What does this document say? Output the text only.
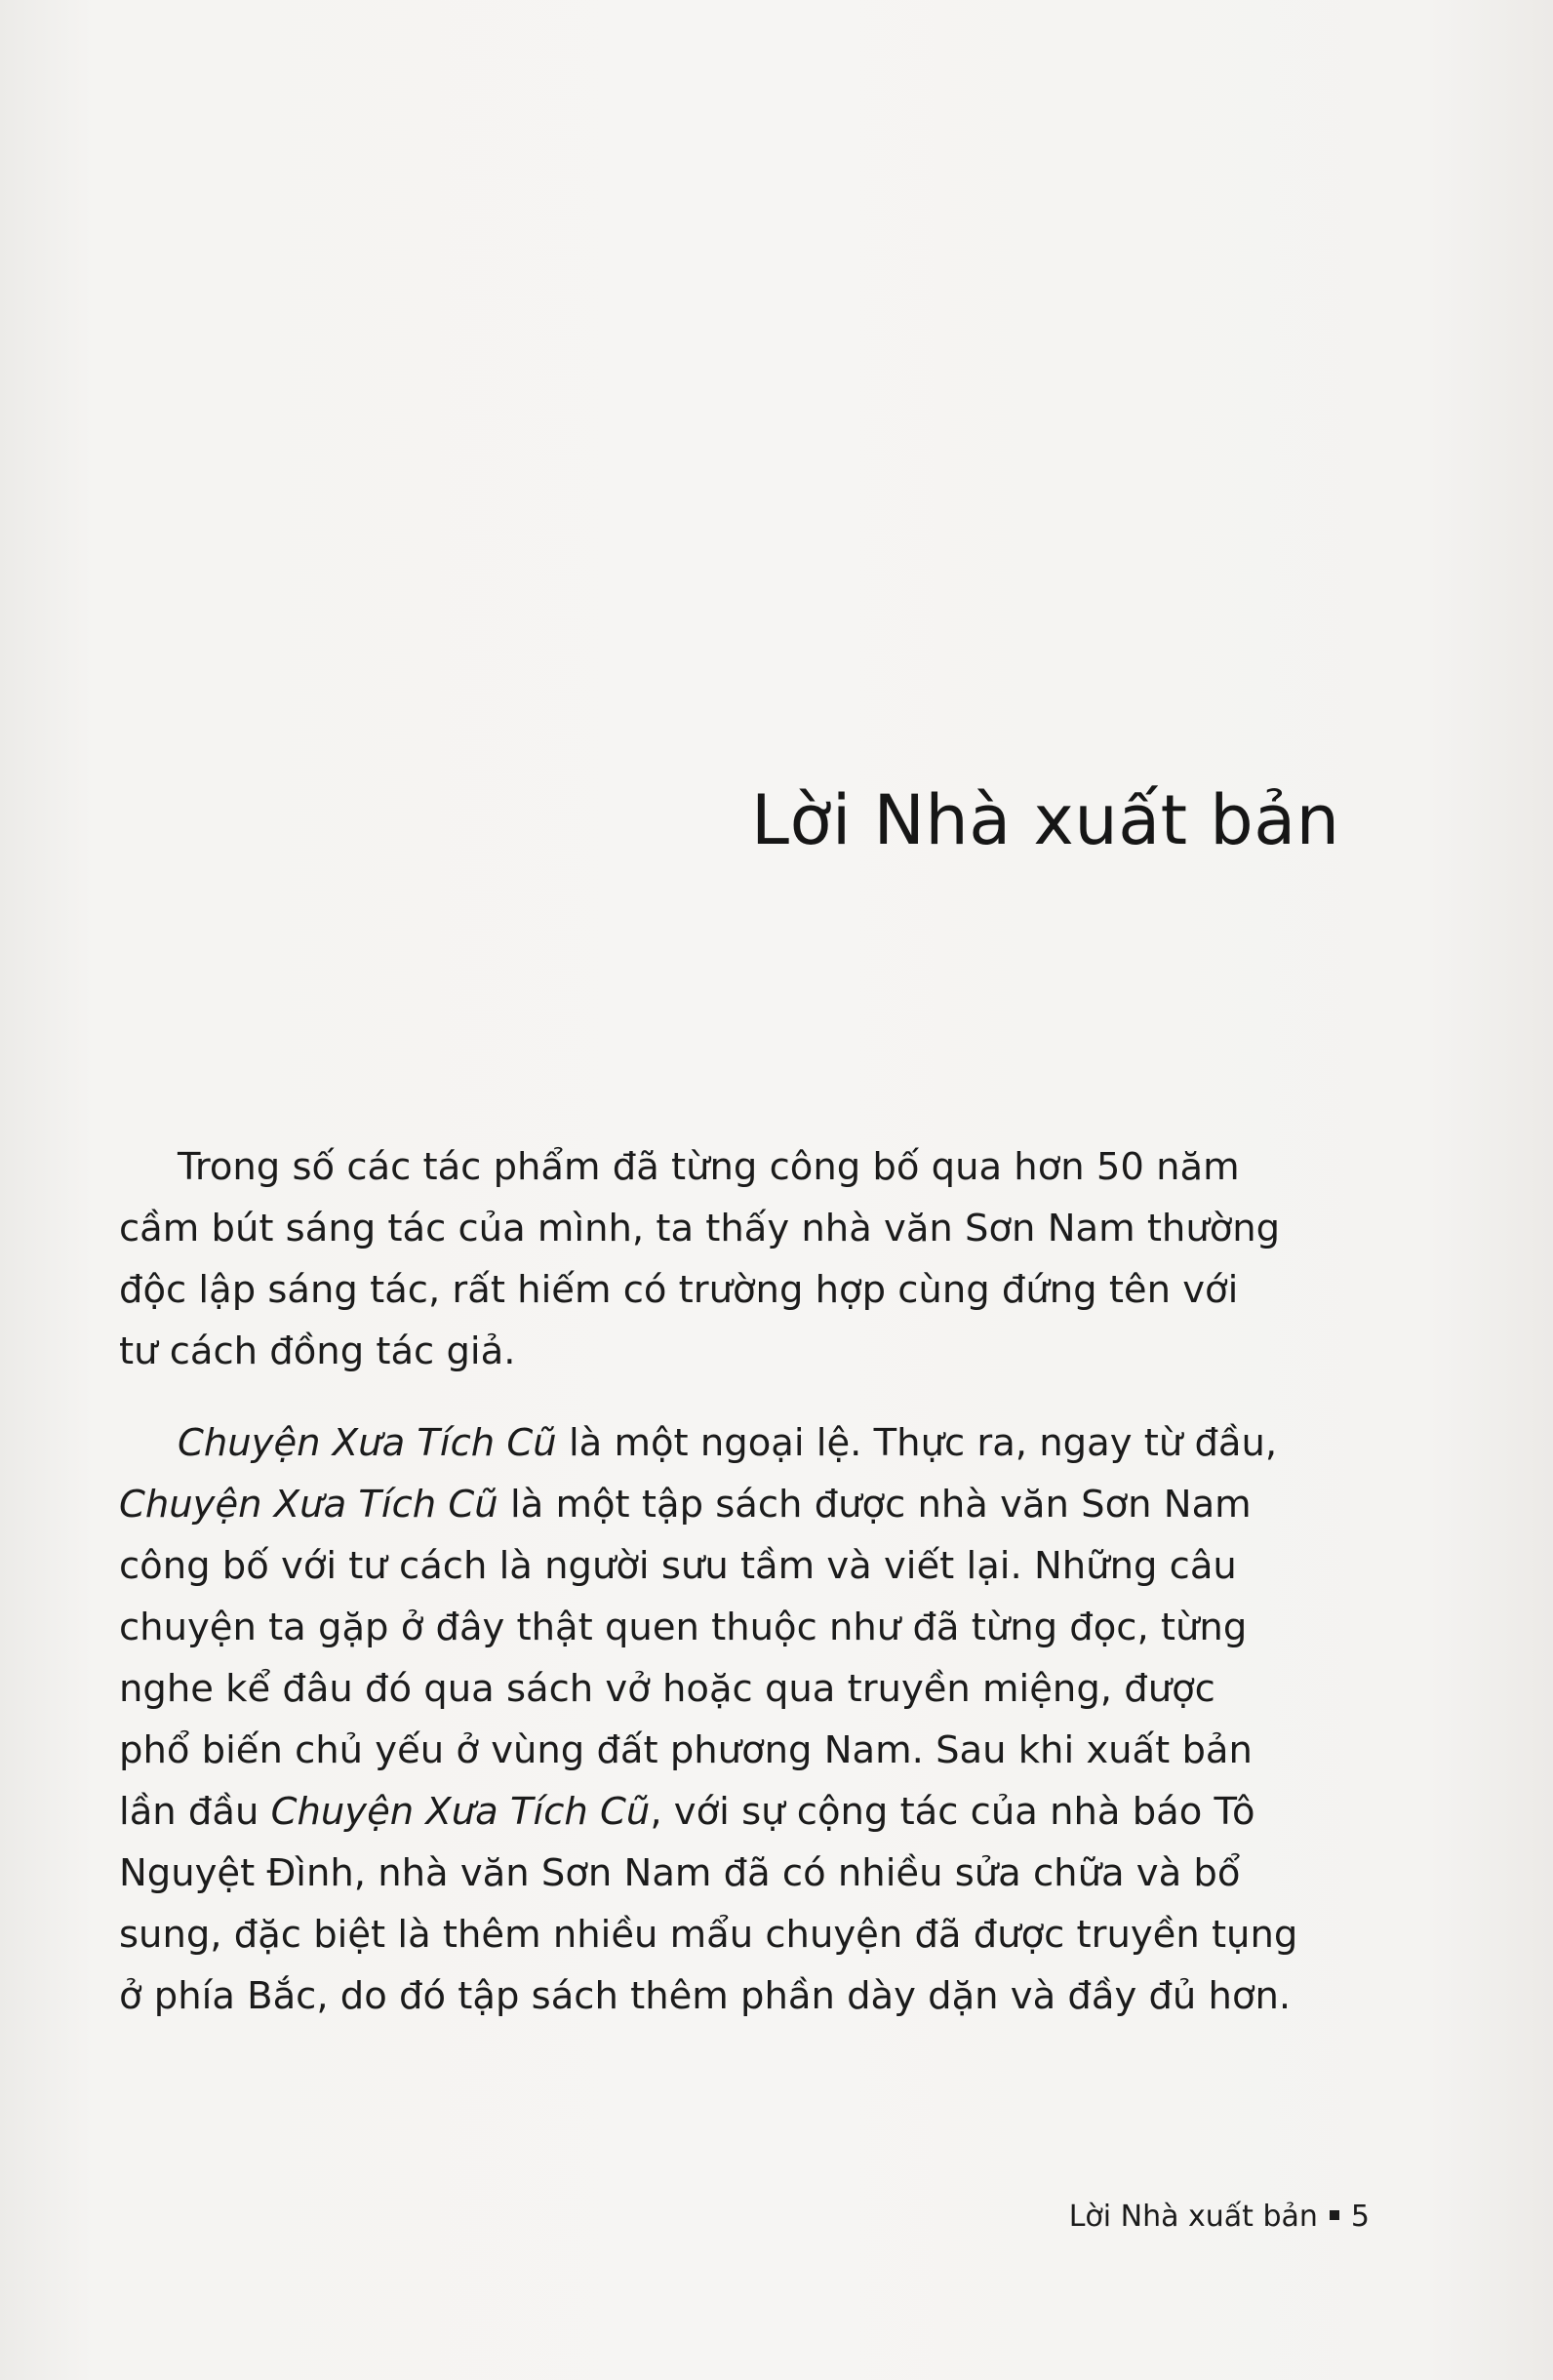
Lời Nhà xuất bản

Trong số các tác phẩm đã từng công bố qua hơn 50 năm
cầm bút sáng tác của mình, ta thấy nhà văn Sơn Nam thường
độc lập sáng tác, rất hiếm có trường hợp cùng đứng tên với
tư cách đồng tác giả.

Chuyện Xưa Tích Cũ là một ngoại lệ. Thực ra, ngay từ đầu,
Chuyện Xưa Tích Cũ là một tập sách được nhà văn Sơn Nam
công bố với tư cách là người sưu tầm và viết lại. Những câu
chuyện ta gặp ở đây thật quen thuộc như đã từng đọc, từng
nghe kể đâu đó qua sách vở hoặc qua truyền miệng, được
phổ biến chủ yếu ở vùng đất phương Nam. Sau khi xuất bản
lần đầu Chuyện Xưa Tích Cũ, với sự cộng tác của nhà báo Tô
Nguyệt Đình, nhà văn Sơn Nam đã có nhiều sửa chữa và bổ
sung, đặc biệt là thêm nhiều mẩu chuyện đã được truyền tụng
ở phía Bắc, do đó tập sách thêm phần dày dặn và đầy đủ hơn.

Lời Nhà xuất bản 5
